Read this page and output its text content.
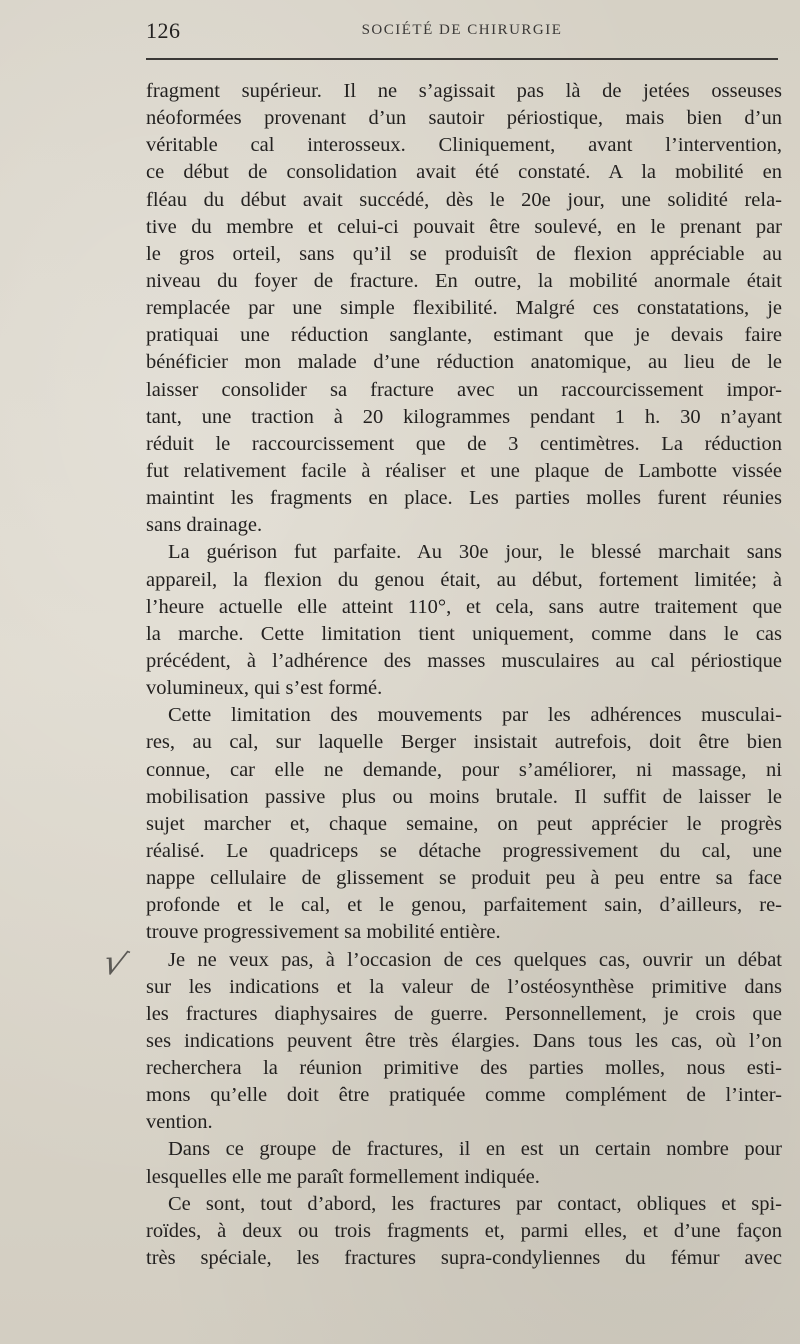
126	SOCIÉTÉ DE CHIRURGIE
√
fragment supérieur. Il ne s’agissait pas là de jetées osseuses
néoformées provenant d’un sautoir périostique, mais bien d’un
véritable cal interosseux. Cliniquement, avant l’intervention,
ce début de consolidation avait été constaté. A la mobilité en
fléau du début avait succédé, dès le 20e jour, une solidité rela-
tive du membre et celui-ci pouvait être soulevé, en le prenant par
le gros orteil, sans qu’il se produisît de flexion appréciable au
niveau du foyer de fracture. En outre, la mobilité anormale était
remplacée par une simple flexibilité. Malgré ces constatations, je
pratiquai une réduction sanglante, estimant que je devais faire
bénéficier mon malade d’une réduction anatomique, au lieu de le
laisser consolider sa fracture avec un raccourcissement impor-
tant, une traction à 20 kilogrammes pendant 1 h. 30 n’ayant
réduit le raccourcissement que de 3 centimètres. La réduction
fut relativement facile à réaliser et une plaque de Lambotte vissée
maintint les fragments en place. Les parties molles furent réunies
sans drainage.
La guérison fut parfaite. Au 30e jour, le blessé marchait sans
appareil, la flexion du genou était, au début, fortement limitée; à
l’heure actuelle elle atteint 110°, et cela, sans autre traitement que
la marche. Cette limitation tient uniquement, comme dans le cas
précédent, à l’adhérence des masses musculaires au cal périostique
volumineux, qui s’est formé.
Cette limitation des mouvements par les adhérences musculai-
res, au cal, sur laquelle Berger insistait autrefois, doit être bien
connue, car elle ne demande, pour s’améliorer, ni massage, ni
mobilisation passive plus ou moins brutale. Il suffit de laisser le
sujet marcher et, chaque semaine, on peut apprécier le progrès
réalisé. Le quadriceps se détache progressivement du cal, une
nappe cellulaire de glissement se produit peu à peu entre sa face
profonde et le cal, et le genou, parfaitement sain, d’ailleurs, re-
trouve progressivement sa mobilité entière.
Je ne veux pas, à l’occasion de ces quelques cas, ouvrir un débat
sur les indications et la valeur de l’ostéosynthèse primitive dans
les fractures diaphysaires de guerre. Personnellement, je crois que
ses indications peuvent être très élargies. Dans tous les cas, où l’on
recherchera la réunion primitive des parties molles, nous esti-
mons qu’elle doit être pratiquée comme complément de l’inter-
vention.
Dans ce groupe de fractures, il en est un certain nombre pour
lesquelles elle me paraît formellement indiquée.
Ce sont, tout d’abord, les fractures par contact, obliques et spi-
roïdes, à deux ou trois fragments et, parmi elles, et d’une façon
très spéciale, les fractures supra-condyliennes du fémur avec
